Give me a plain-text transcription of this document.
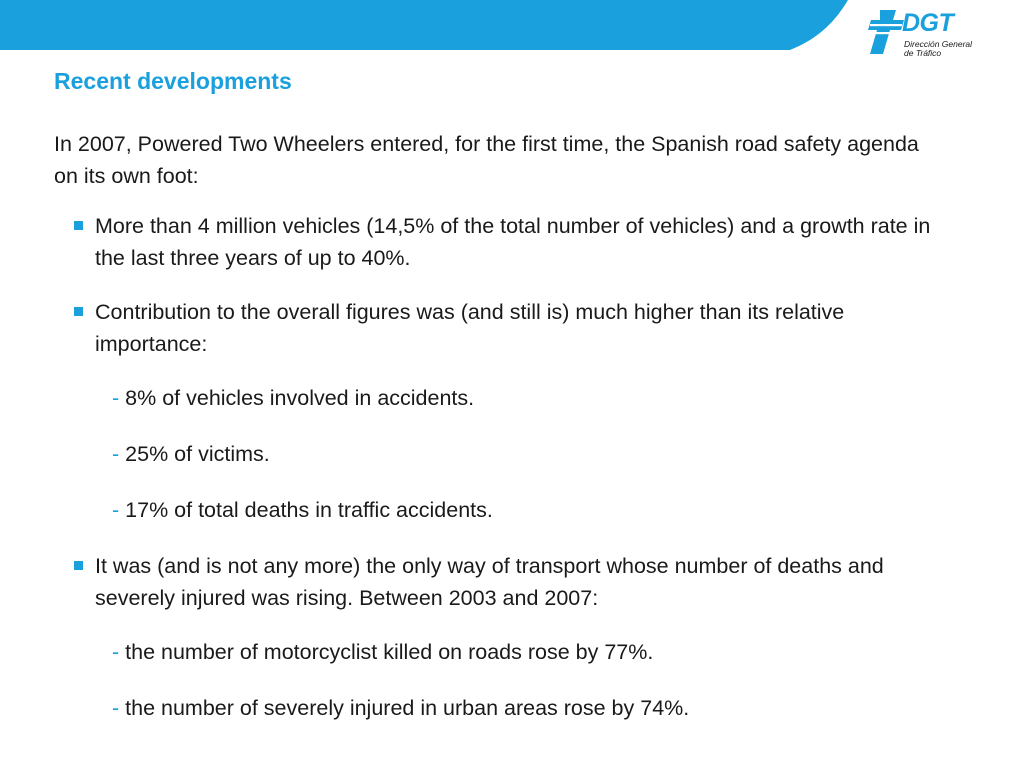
DGT
Dirección General
de Tráfico
Recent developments

In 2007, Powered Two Wheelers entered, for the first time, the Spanish road safety agenda on its own foot:

More than 4 million vehicles (14,5% of the total number of vehicles) and a growth rate in the last three years of up to 40%.
Contribution to the overall figures was (and still is) much higher than its relative importance:
- 8% of vehicles involved in accidents.
- 25% of victims.
- 17% of total deaths in traffic accidents.
It was (and is not any more) the only way of transport whose number of deaths and severely injured was rising. Between 2003 and 2007:
- the number of motorcyclist killed on roads rose by 77%.
- the number of severely injured in urban areas rose by 74%.
